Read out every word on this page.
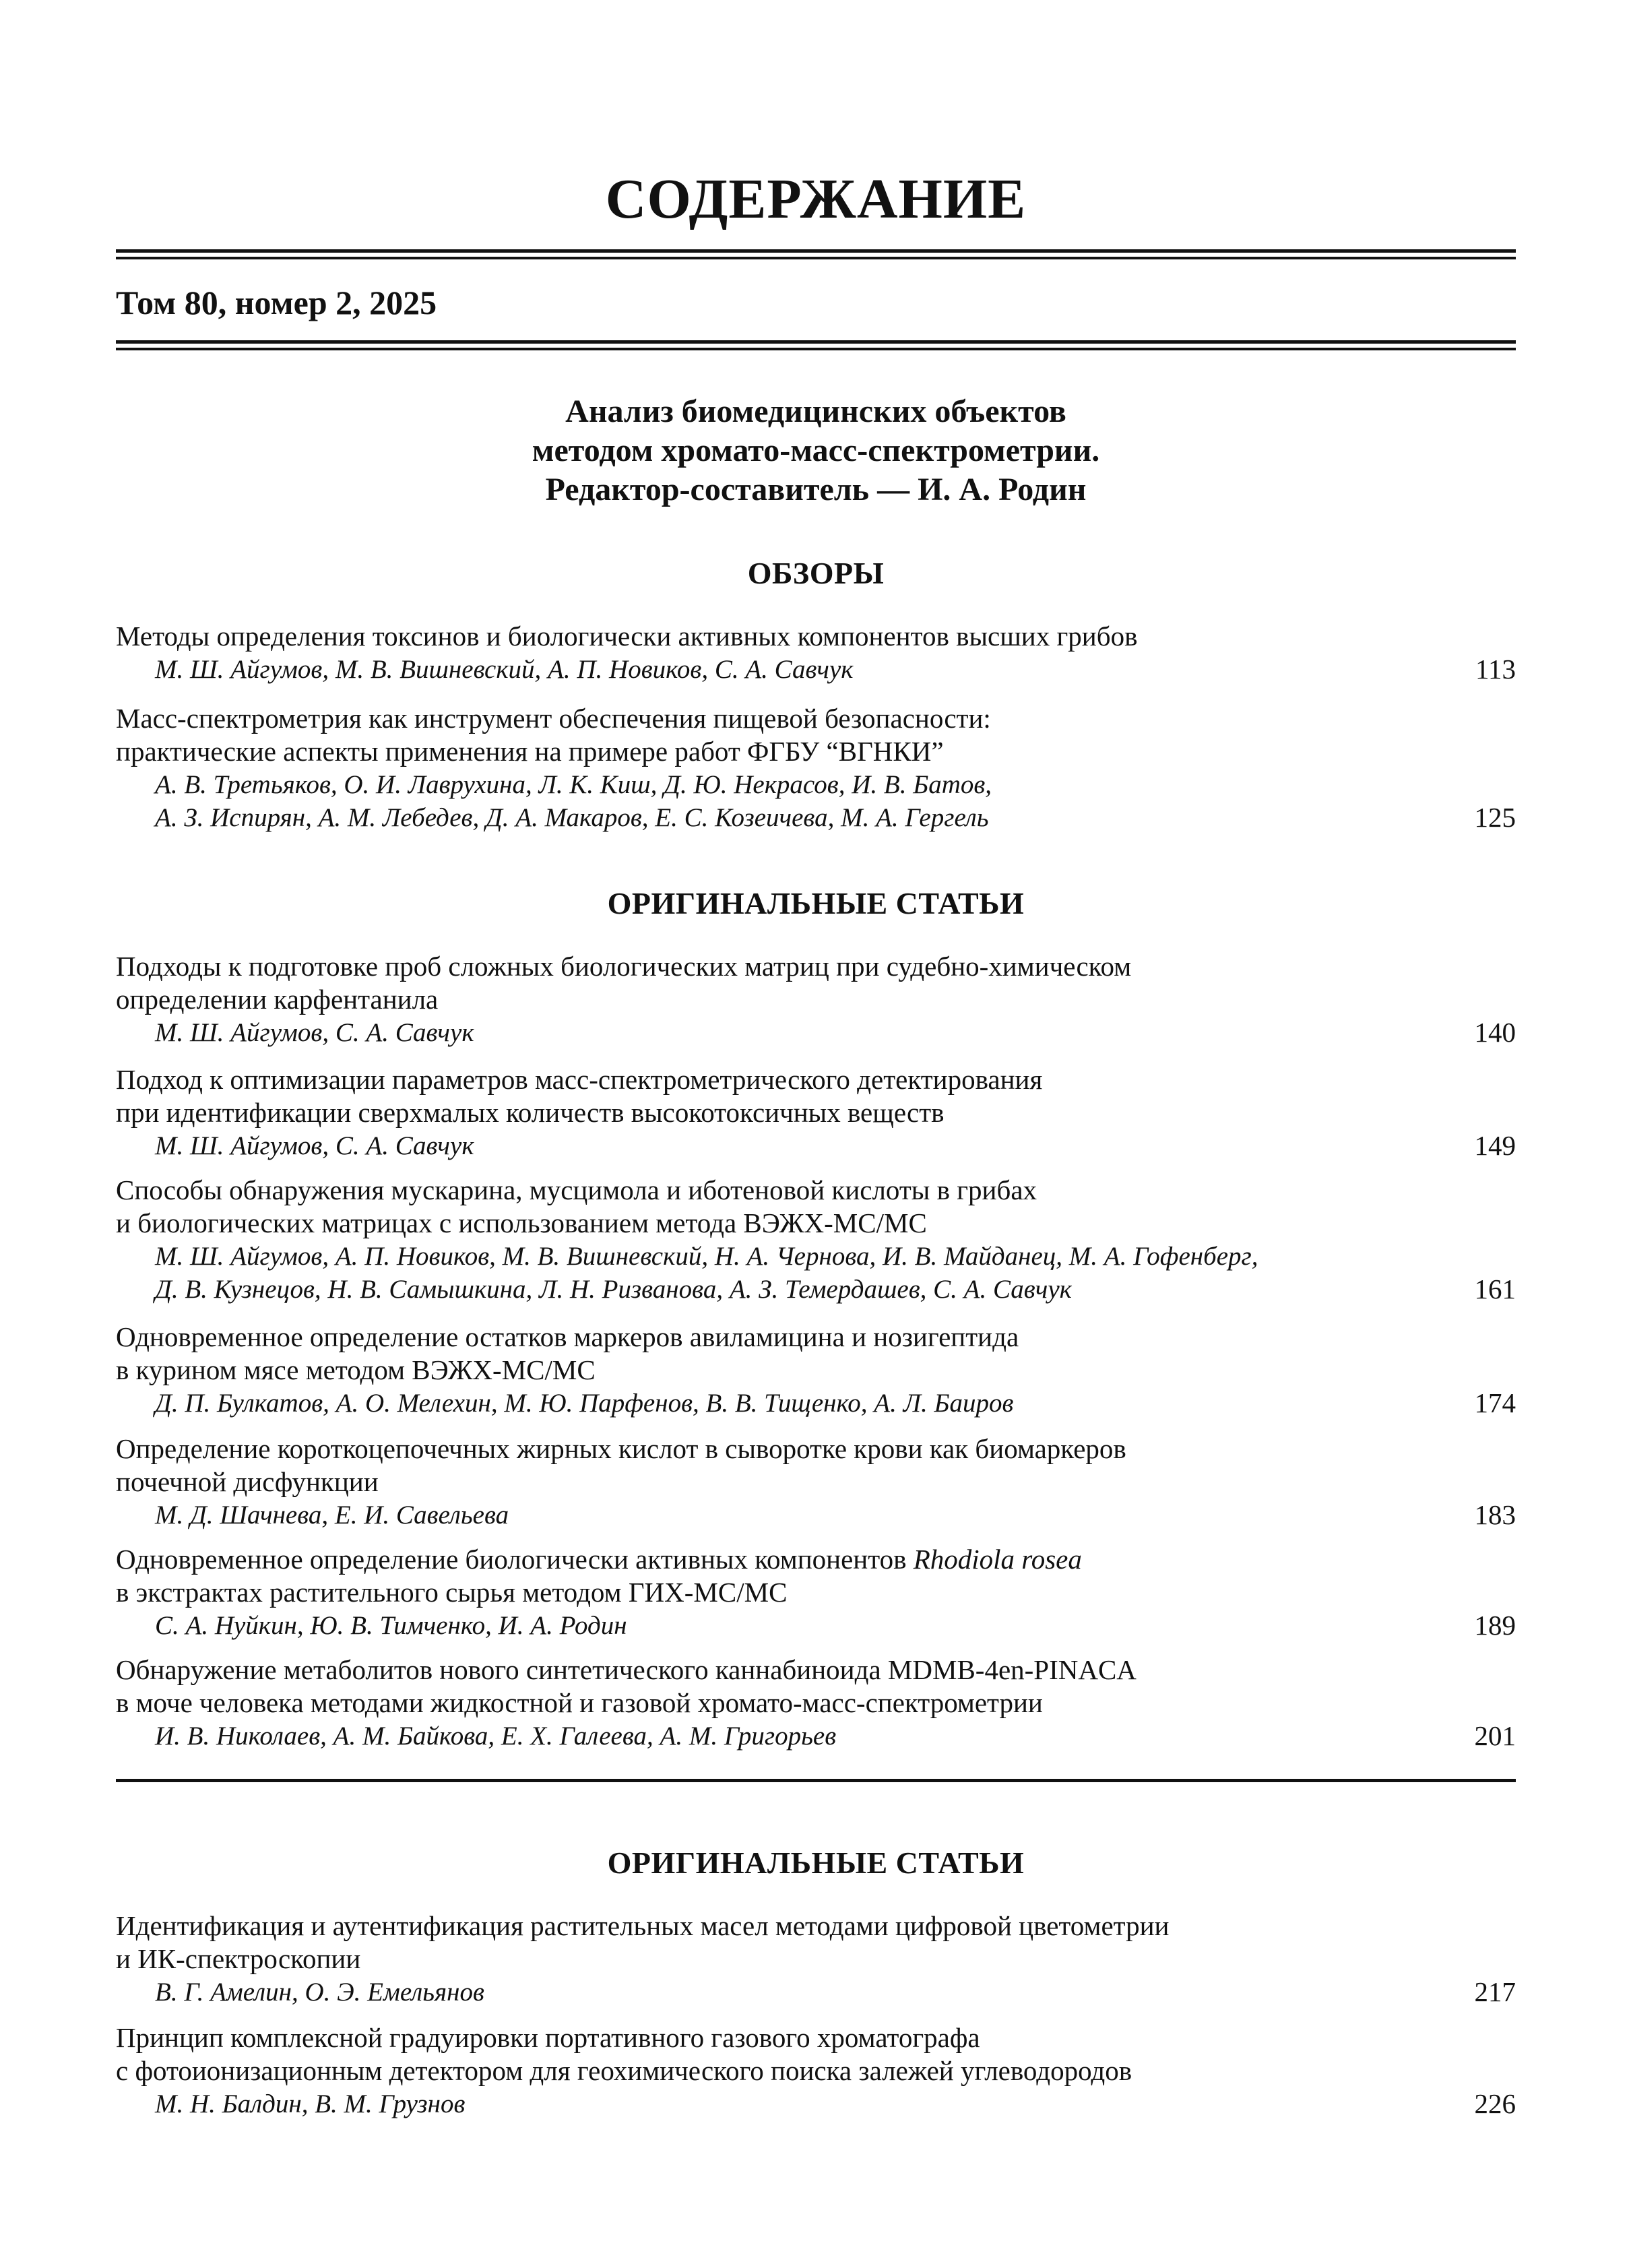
СОДЕРЖАНИЕ
Том 80, номер 2, 2025
Анализ биомедицинских объектов
методом хромато-масс-спектрометрии.
Редактор-составитель — И. А. Родин
ОБЗОРЫ
Методы определения токсинов и биологически активных компонентов высших грибов
М. Ш. Айгумов, М. В. Вишневский, А. П. Новиков, С. А. Савчук	113
Масс-спектрометрия как инструмент обеспечения пищевой безопасности:
практические аспекты применения на примере работ ФГБУ “ВГНКИ”
А. В. Третьяков, О. И. Лаврухина, Л. К. Киш, Д. Ю. Некрасов, И. В. Батов,
А. З. Испирян, А. М. Лебедев, Д. А. Макаров, Е. С. Козеичева, М. А. Гергель	125
ОРИГИНАЛЬНЫЕ СТАТЬИ
Подходы к подготовке проб сложных биологических матриц при судебно-химическом
определении карфентанила
М. Ш. Айгумов, С. А. Савчук	140
Подход к оптимизации параметров масс-спектрометрического детектирования
при идентификации сверхмалых количеств высокотоксичных веществ
М. Ш. Айгумов, С. А. Савчук	149
Способы обнаружения мускарина, мусцимола и иботеновой кислоты в грибах
и биологических матрицах с использованием метода ВЭЖХ-МС/МС
М. Ш. Айгумов, А. П. Новиков, М. В. Вишневский, Н. А. Чернова, И. В. Майданец, М. А. Гофенберг,
Д. В. Кузнецов, Н. В. Самышкина, Л. Н. Ризванова, А. З. Темердашев, С. А. Савчук	161
Одновременное определение остатков маркеров авиламицина и нозигептида
в курином мясе методом ВЭЖХ-МС/МС
Д. П. Булкатов, А. О. Мелехин, М. Ю. Парфенов, В. В. Тищенко, А. Л. Баиров	174
Определение короткоцепочечных жирных кислот в сыворотке крови как биомаркеров
почечной дисфункции
М. Д. Шачнева, Е. И. Савельева	183
Одновременное определение биологически активных компонентов Rhodiola rosea
в экстрактах растительного сырья методом ГИХ-МС/МС
С. А. Нуйкин, Ю. В. Тимченко, И. А. Родин	189
Обнаружение метаболитов нового синтетического каннабиноида MDMB-4en-PINACA
в моче человека методами жидкостной и газовой хромато-масс-спектрометрии
И. В. Николаев, А. М. Байкова, Е. Х. Галеева, А. М. Григорьев	201
ОРИГИНАЛЬНЫЕ СТАТЬИ
Идентификация и аутентификация растительных масел методами цифровой цветометрии
и ИК-спектроскопии
В. Г. Амелин, О. Э. Емельянов	217
Принцип комплексной градуировки портативного газового хроматографа
с фотоионизационным детектором для геохимического поиска залежей углеводородов
М. Н. Балдин, В. М. Грузнов	226
